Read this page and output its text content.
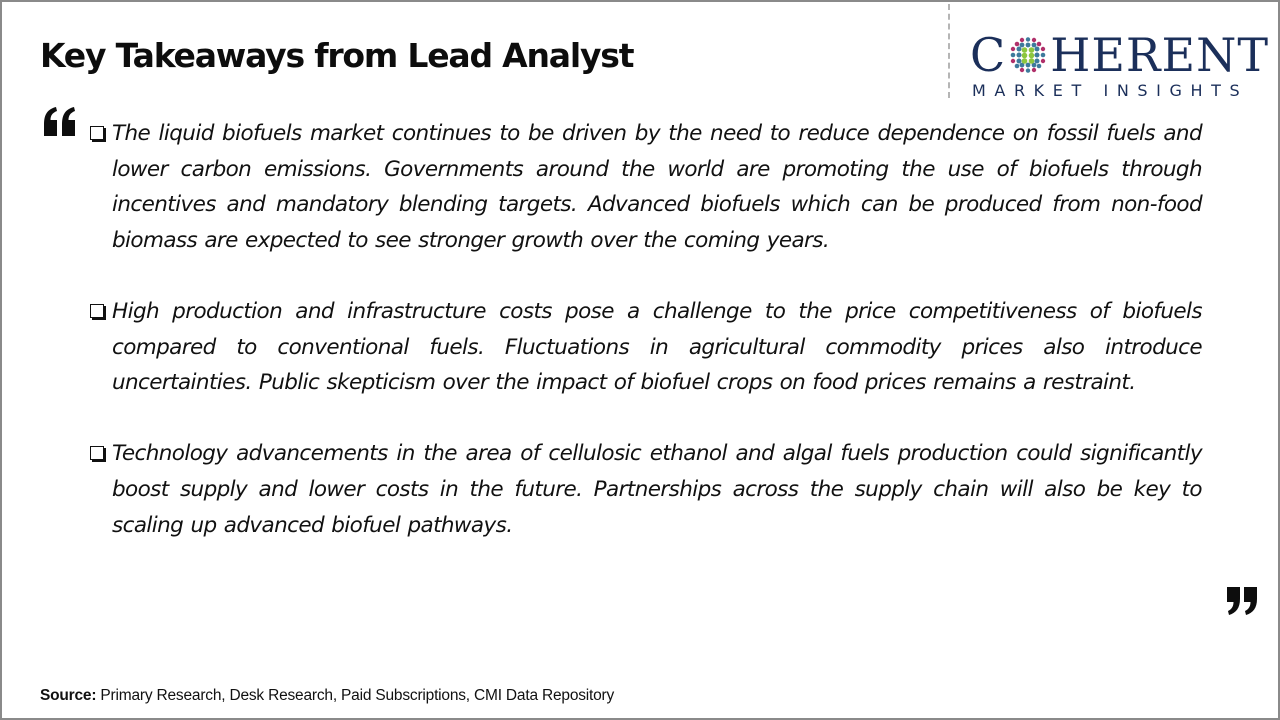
Key Takeaways from Lead Analyst	C HERENT
MARKET INSIGHTS
The liquid biofuels market continues to be driven by the need to reduce dependence on fossil fuels and lower carbon emissions. Governments around the world are promoting the use of biofuels through incentives and mandatory blending targets. Advanced biofuels which can be produced from non-food biomass are expected to see stronger growth over the coming years.
High production and infrastructure costs pose a challenge to the price competitiveness of biofuels compared to conventional fuels. Fluctuations in agricultural commodity prices also introduce uncertainties. Public skepticism over the impact of biofuel crops on food prices remains a restraint.
Technology advancements in the area of cellulosic ethanol and algal fuels production could significantly boost supply and lower costs in the future. Partnerships across the supply chain will also be key to scaling up advanced biofuel pathways.
Source: Primary Research, Desk Research, Paid Subscriptions, CMI Data Repository
